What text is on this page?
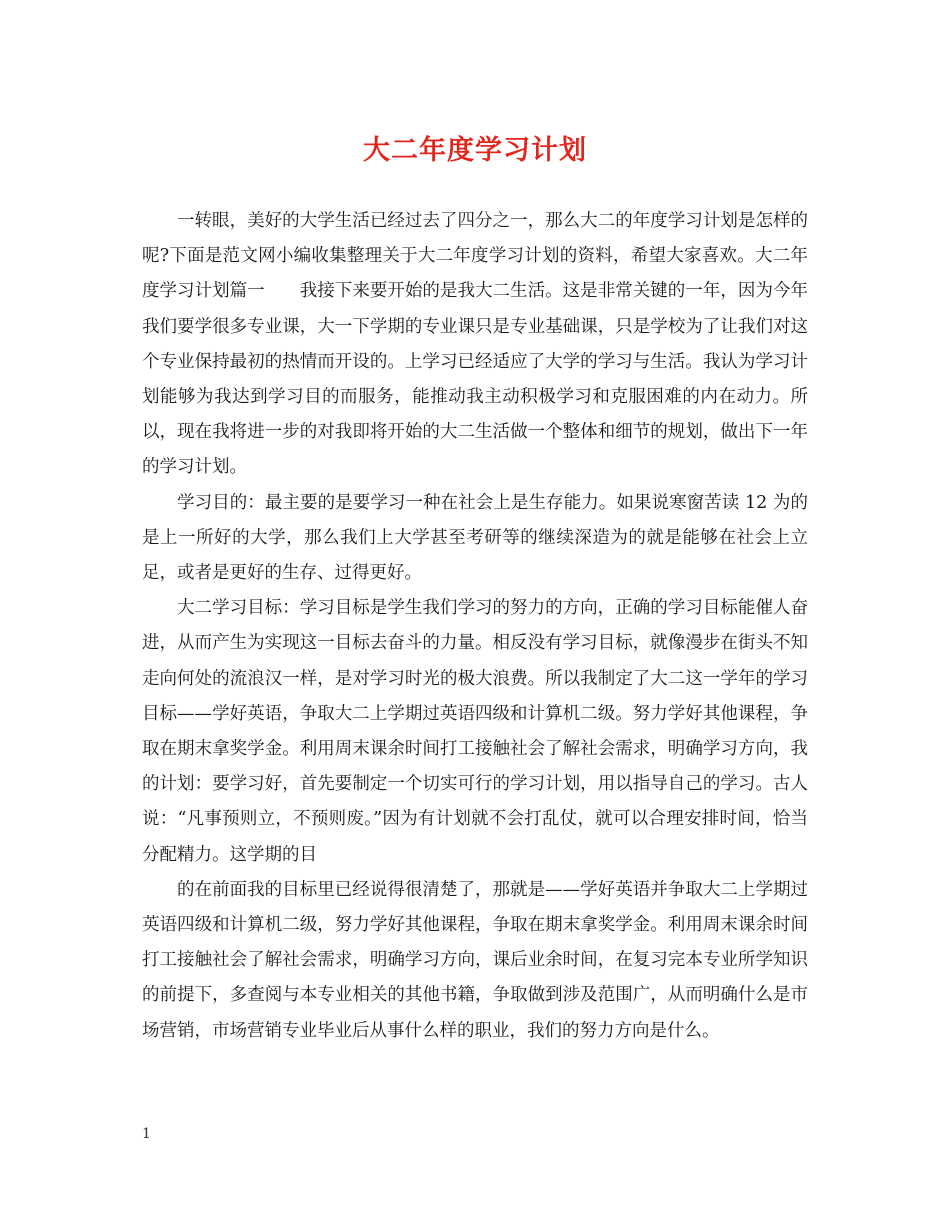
大二年度学习计划

一转眼，美好的大学生活已经过去了四分之一，那么大二的年度学习计划是怎样的呢?下面是范文网小编收集整理关于大二年度学习计划的资料，希望大家喜欢。大二年度学习计划篇一　　我接下来要开始的是我大二生活。这是非常关键的一年，因为今年我们要学很多专业课，大一下学期的专业课只是专业基础课，只是学校为了让我们对这个专业保持最初的热情而开设的。上学习已经适应了大学的学习与生活。我认为学习计划能够为我达到学习目的而服务，能推动我主动积极学习和克服困难的内在动力。所以，现在我将进一步的对我即将开始的大二生活做一个整体和细节的规划，做出下一年的学习计划。

学习目的：最主要的是要学习一种在社会上是生存能力。如果说寒窗苦读 12 为的是上一所好的大学，那么我们上大学甚至考研等的继续深造为的就是能够在社会上立足，或者是更好的生存、过得更好。

大二学习目标：学习目标是学生我们学习的努力的方向，正确的学习目标能催人奋进，从而产生为实现这一目标去奋斗的力量。相反没有学习目标，就像漫步在街头不知走向何处的流浪汉一样，是对学习时光的极大浪费。所以我制定了大二这一学年的学习目标——学好英语，争取大二上学期过英语四级和计算机二级。努力学好其他课程，争取在期末拿奖学金。利用周末课余时间打工接触社会了解社会需求，明确学习方向，我的计划：要学习好，首先要制定一个切实可行的学习计划，用以指导自己的学习。古人说：“凡事预则立，不预则废。”因为有计划就不会打乱仗，就可以合理安排时间，恰当分配精力。这学期的目

的在前面我的目标里已经说得很清楚了，那就是——学好英语并争取大二上学期过英语四级和计算机二级，努力学好其他课程，争取在期末拿奖学金。利用周末课余时间打工接触社会了解社会需求，明确学习方向，课后业余时间，在复习完本专业所学知识的前提下，多查阅与本专业相关的其他书籍，争取做到涉及范围广，从而明确什么是市场营销，市场营销专业毕业后从事什么样的职业，我们的努力方向是什么。

1
